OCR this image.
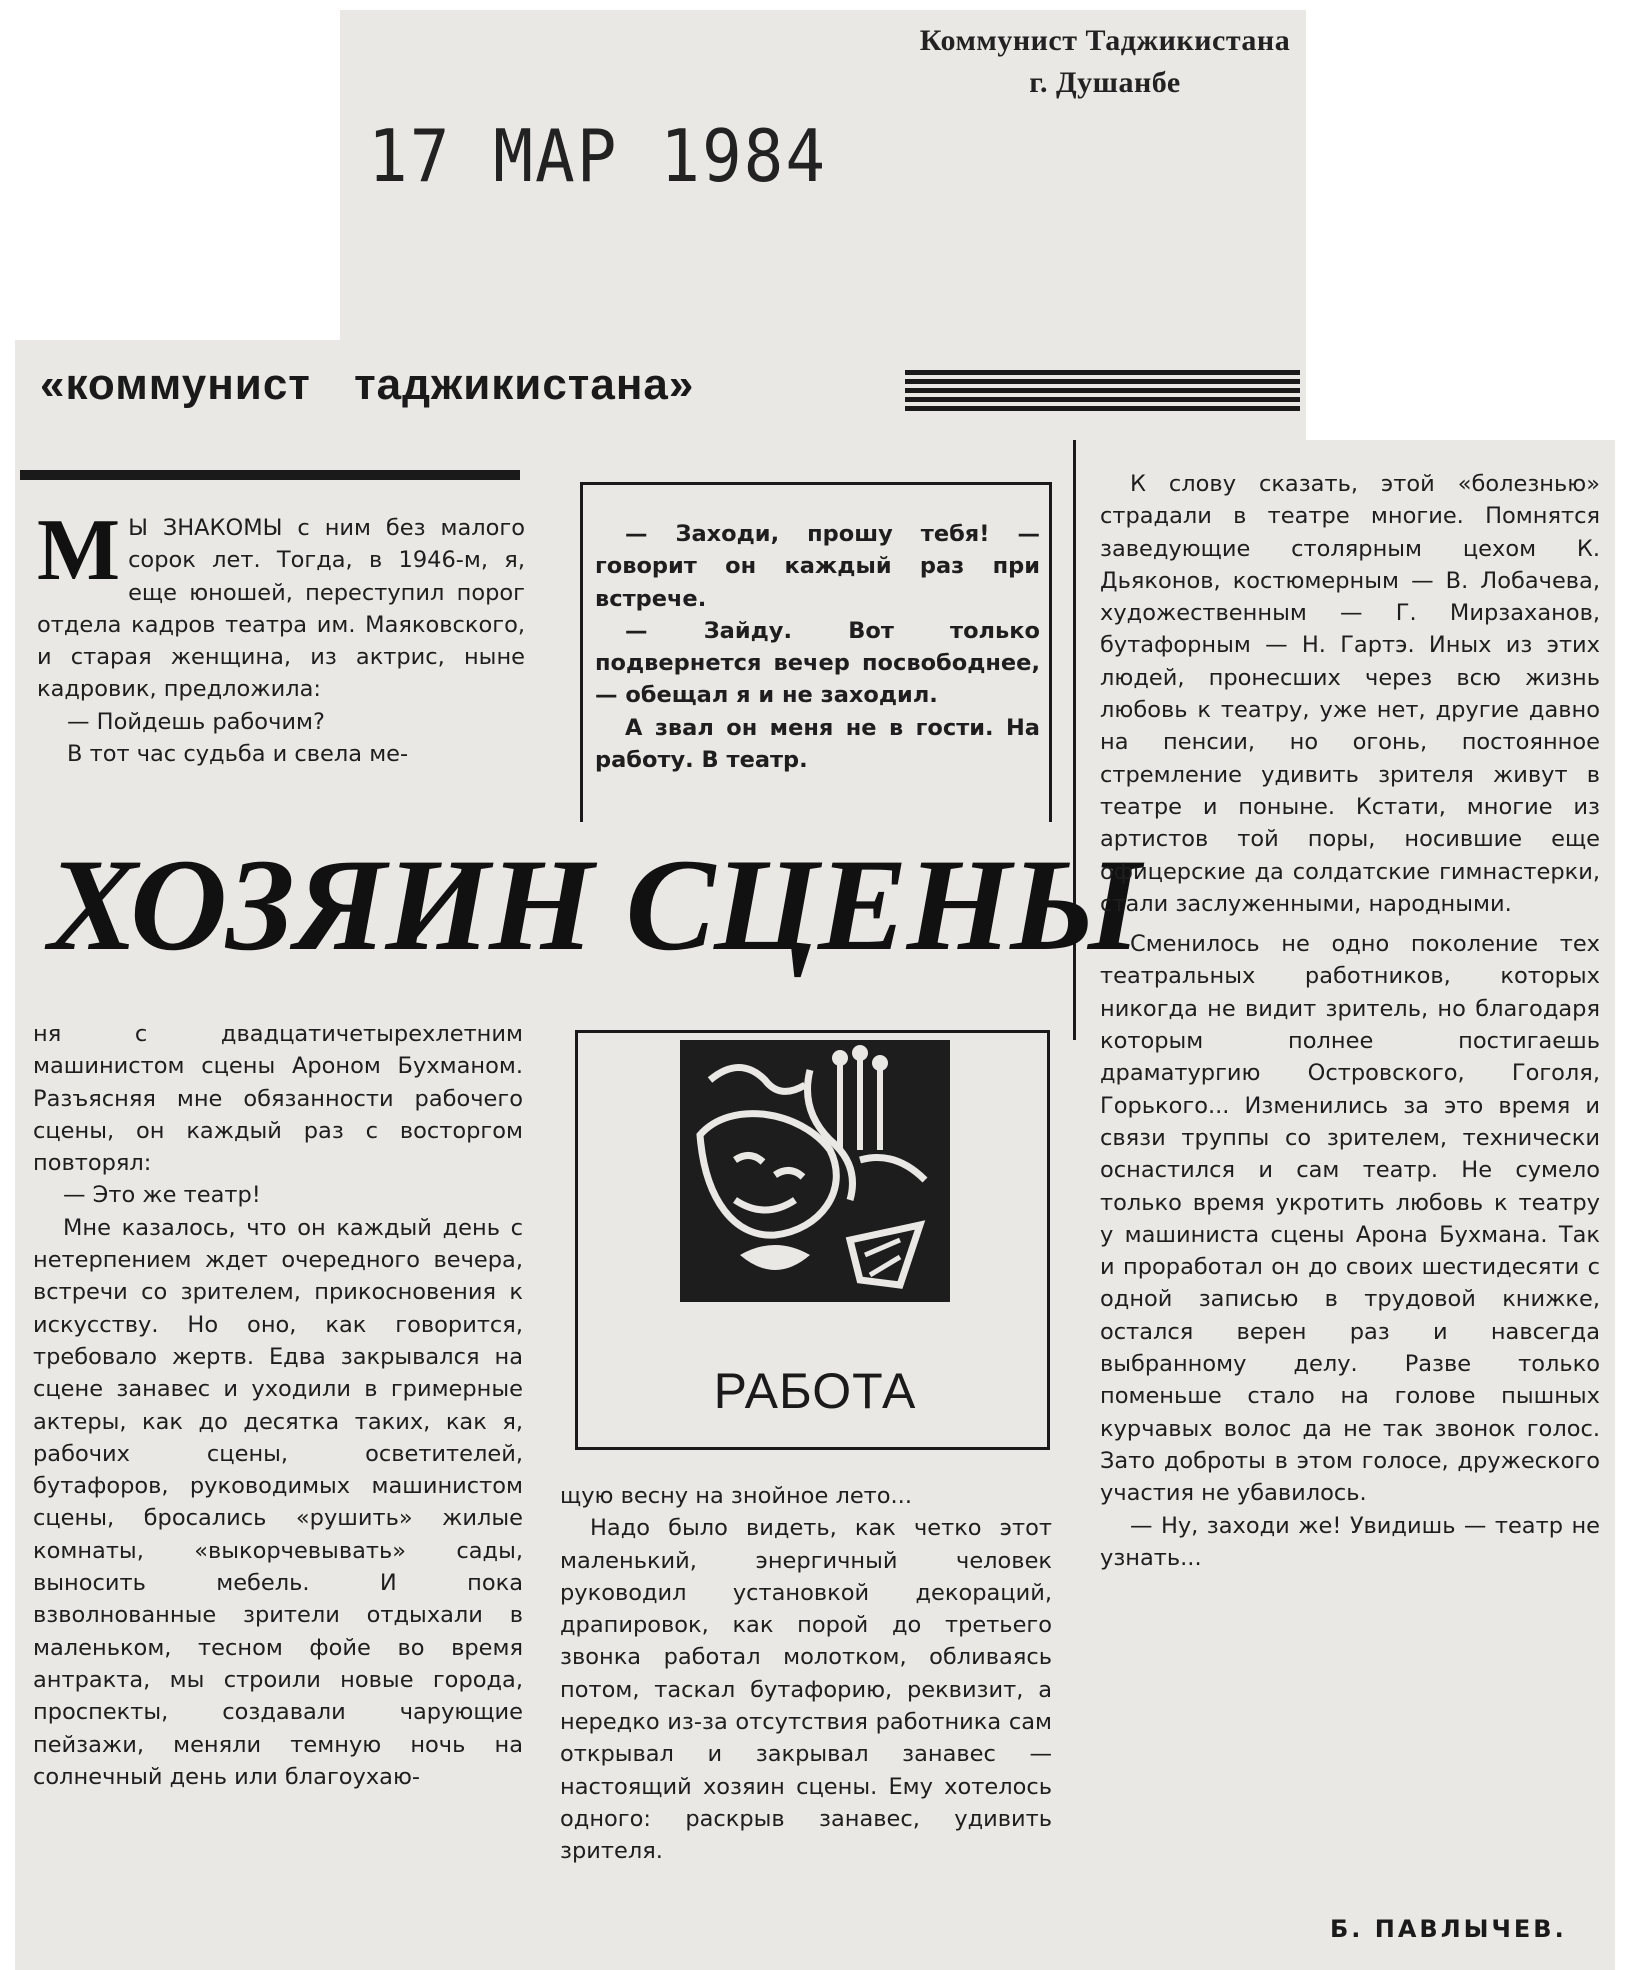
Коммунист Таджикистана
г. Душанбе
17 МАР 1984
«коммунист таджикистана»

М Ы ЗНАКОМЫ с ним без малого сорок лет. Тогда, в 1946-м, я, еще юношей, переступил порог отдела кадров театра им. Маяковского, и старая женщина, из актрис, ныне кадровик, предложила:

— Пойдешь рабочим?

В тот час судьба и свела ме-

— Заходи, прошу тебя! — говорит он каждый раз при встрече.

— Зайду. Вот только подвернется вечер посвободнее, — обещал я и не заходил.

А звал он меня не в гости. На работу. В театр.

ХОЗЯИН СЦЕНЫ

К слову сказать, этой «болезнью» страдали в театре многие. Помнятся заведующие столярным цехом К. Дьяконов, костюмерным — В. Лобачева, художественным — Г. Мирзаханов, бутафорным — Н. Гартэ. Иных из этих людей, пронесших через всю жизнь любовь к театру, уже нет, другие давно на пенсии, но огонь, постоянное стремление удивить зрителя живут в театре и поныне. Кстати, многие из артистов той поры, носившие еще офицерские да солдатские гимнастерки, стали заслуженными, народными.

Сменилось не одно поколение тех театральных работников, которых никогда не видит зритель, но благодаря которым полнее постигаешь драматургию Островского, Гоголя, Горького... Изменились за это время и связи труппы со зрителем, технически оснастился и сам театр. Не сумело только время укротить любовь к театру у машиниста сцены Арона Бухмана. Так и проработал он до своих шестидесяти с одной записью в трудовой книжке, остался верен раз и навсегда выбранному делу. Разве только поменьше стало на голове пышных курчавых волос да не так звонок голос. Зато доброты в этом голосе, дружеского участия не убавилось.

— Ну, заходи же! Увидишь — театр не узнать...

ня с двадцатичетырехлетним машинистом сцены Ароном Бухманом. Разъясняя мне обязанности рабочего сцены, он каждый раз с восторгом повторял:

— Это же театр!

Мне казалось, что он каждый день с нетерпением ждет очередного вечера, встречи со зрителем, прикосновения к искусству. Но оно, как говорится, требовало жертв. Едва закрывался на сцене занавес и уходили в гримерные актеры, как до десятка таких, как я, рабочих сцены, осветителей, бутафоров, руководимых машинистом сцены, бросались «рушить» жилые комнаты, «выкорчевывать» сады, выносить мебель. И пока взволнованные зрители отдыхали в маленьком, тесном фойе во время антракта, мы строили новые города, проспекты, создавали чарующие пейзажи, меняли темную ночь на солнечный день или благоухаю-

РАБОТА

щую весну на знойное лето...

Надо было видеть, как четко этот маленький, энергичный человек руководил установкой декораций, драпировок, как порой до третьего звонка работал молотком, обливаясь потом, таскал бутафорию, реквизит, а нередко из-за отсутствия работника сам открывал и закрывал занавес — настоящий хозяин сцены. Ему хотелось одного: раскрыв занавес, удивить зрителя.

Б. ПАВЛЫЧЕВ.
